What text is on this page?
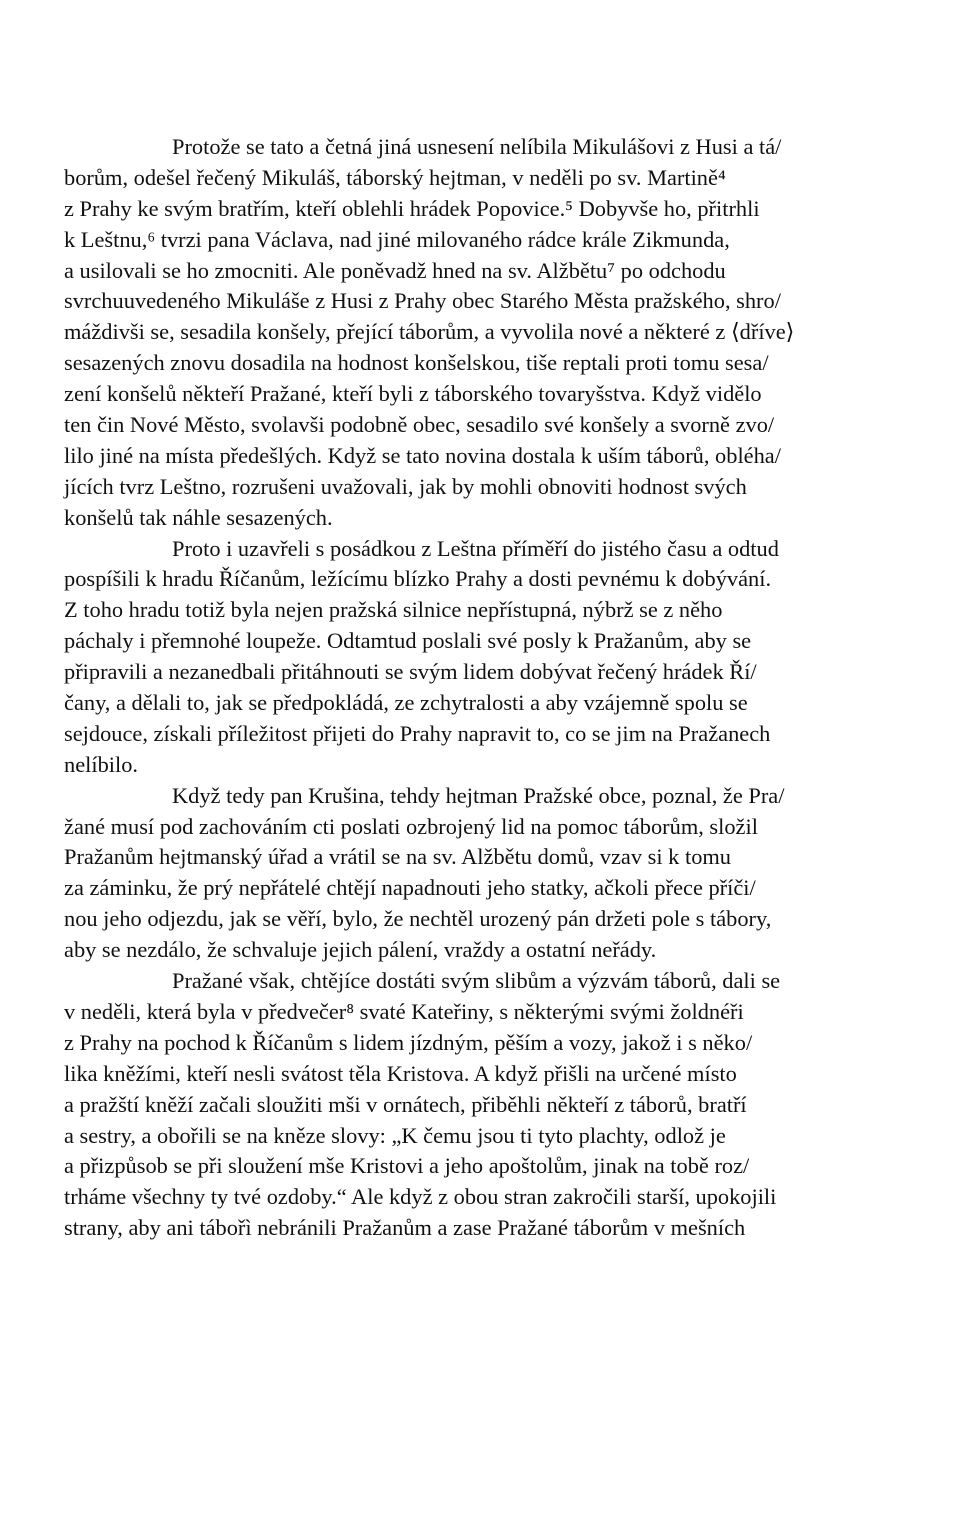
Protože se tato a četná jiná usnesení nelíbila Mikulášovi z Husi a tá/
borům, odešel řečený Mikuláš, táborský hejtman, v neděli po sv. Martině⁴
z Prahy ke svým bratřím, kteří oblehli hrádek Popovice.⁵ Dobyvše ho, přitrhli
k Leštnu,⁶ tvrzi pana Václava, nad jiné milovaného rádce krále Zikmunda,
a usilovali se ho zmocniti. Ale poněvadž hned na sv. Alžbětu⁷ po odchodu
svrchuuvedeného Mikuláše z Husi z Prahy obec Starého Města pražského, shro/
máždivši se, sesadila konšely, přející táborům, a vyvolila nové a některé z ⟨dříve⟩
sesazených znovu dosadila na hodnost konšelskou, tiše reptali proti tomu sesa/
zení konšelů někteří Pražané, kteří byli z táborského tovaryšstva. Když vidělo
ten čin Nové Město, svolavši podobně obec, sesadilo své konšely a svorně zvo/
lilo jiné na místa předešlých. Když se tato novina dostala k uším táborů, obléha/
jících tvrz Leštno, rozrušeni uvažovali, jak by mohli obnoviti hodnost svých
konšelů tak náhle sesazených.
Proto i uzavřeli s posádkou z Leštna příměří do jistého času a odtud
pospíšili k hradu Říčanům, ležícímu blízko Prahy a dosti pevnému k dobývání.
Z toho hradu totiž byla nejen pražská silnice nepřístupná, nýbrž se z něho
páchaly i přemnohé loupeže. Odtamtud poslali své posly k Pražanům, aby se
připravili a nezanedbali přitáhnouti se svým lidem dobývat řečený hrádek Ří/
čany, a dělali to, jak se předpokládá, ze zchytralosti a aby vzájemně spolu se
sejdouce, získali příležitost přijeti do Prahy napravit to, co se jim na Pražanech
nelíbilo.
Když tedy pan Krušina, tehdy hejtman Pražské obce, poznal, že Pra/
žané musí pod zachováním cti poslati ozbrojený lid na pomoc táborům, složil
Pražanům hejtmanský úřad a vrátil se na sv. Alžbětu domů, vzav si k tomu
za záminku, že prý nepřátelé chtějí napadnouti jeho statky, ačkoli přece příči/
nou jeho odjezdu, jak se věří, bylo, že nechtěl urozený pán držeti pole s tábory,
aby se nezdálo, že schvaluje jejich pálení, vraždy a ostatní neřády.
Pražané však, chtějíce dostáti svým slibům a výzvám táborů, dali se
v neděli, která byla v předvečer⁸ svaté Kateřiny, s některými svými žoldnéři
z Prahy na pochod k Říčanům s lidem jízdným, pěším a vozy, jakož i s něko/
lika kněžími, kteří nesli svátost těla Kristova. A když přišli na určené místo
a pražští kněží začali sloužiti mši v ornátech, přiběhli někteří z táborů, bratří
a sestry, a obořili se na kněze slovy: „K čemu jsou ti tyto plachty, odlož je
a přizpůsob se při sloužení mše Kristovi a jeho apoštolům, jinak na tobě roz/
trháme všechny ty tvé ozdoby.“ Ale když z obou stran zakročili starší, upokojili
strany, aby ani tábořì nebránili Pražanům a zase Pražané táborům v mešních
